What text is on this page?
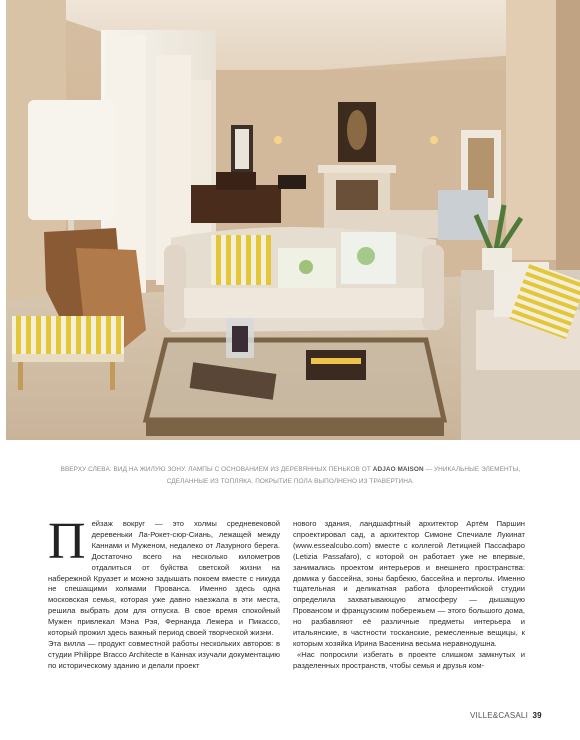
ВВЕРХУ СЛЕВА: ВИД НА ЖИЛУЮ ЗОНУ. ЛАМПЫ С ОСНОВАНИЕМ ИЗ ДЕРЕВЯННЫХ ПЕНЬКОВ ОТ ADJAO MAISON — УНИКАЛЬНЫЕ ЭЛЕМЕНТЫ, СДЕЛАННЫЕ ИЗ ТОПЛЯКА. ПОКРЫТИЕ ПОЛА ВЫПОЛНЕНО ИЗ ТРАВЕРТИНА.
П ейзаж вокруг — это холмы средневековой деревеньки Ла-Рокет-сюр-Сиань, лежащей между Каннами и Муженом, недалеко от Лазурного берега. Достаточно всего на несколько километров отдалиться от буйства светской жизни на набережной Круазет и можно задышать покоем вместе с никуда не спешащими холмами Прованса. Именно здесь одна московская семья, которая уже давно наезжала в эти места, решила выбрать дом для отпуска. В свое время спокойный Мужен привлекал Мэна Рэя, Фернанда Лежера и Пикассо, который прожил здесь важный период своей творческой жизни.

Эта вилла — продукт совместной работы нескольких авторов: в студии Philippe Bracco Architecte в Каннах изучали документацию по историческому зданию и делали проект

нового здания, ландшафтный архитектор Артём Паршин спроектировал сад, а архитектор Симоне Спечиале Лукинат (www.essealcubo.com) вместе с коллегой Летицией Пассафаро (Letizia Passafaro), с которой он работает уже не впервые, занимались проектом интерьеров и внешнего пространства: домика у бассейна, зоны барбекю, бассейна и перголы. Именно тщательная и деликатная работа флорентийской студии определила захватывающую атмосферу — дышащую Провансом и французским побережьем — этого большого дома, но разбавляют её различные предметы интерьера и итальянские, в частности тосканские, ремесленные вещицы, к которым хозяйка Ирина Васенина весьма неравнодушна.

«Нас попросили избегать в проекте слишком замкнутых и разделенных пространств, чтобы семья и друзья ком-

VILLE&CASALI 39
